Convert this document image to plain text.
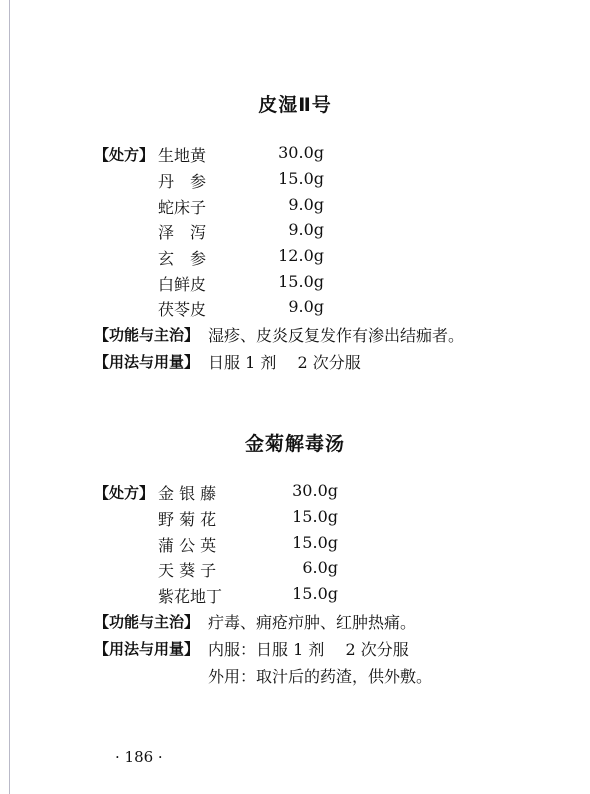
皮湿Ⅱ号
【处方】 生地黄	30.0g
丹　参	15.0g
蛇床子	9.0g
泽　泻	9.0g
玄　参	12.0g
白鲜皮	15.0g
茯苓皮	9.0g
【功能与主治】 湿疹、皮炎反复发作有渗出结痂者。
【用法与用量】 日服 1 剂　 2 次分服
金菊解毒汤
【处方】 金 银 藤	30.0g
野 菊 花	15.0g
蒲 公 英	15.0g
天 葵 子	6.0g
紫花地丁	15.0g
【功能与主治】 疔毒、痈疮疖肿、红肿热痛。
【用法与用量】 内服：日服 1 剂　 2 次分服
外用：取汁后的药渣，供外敷。
· 186 ·
